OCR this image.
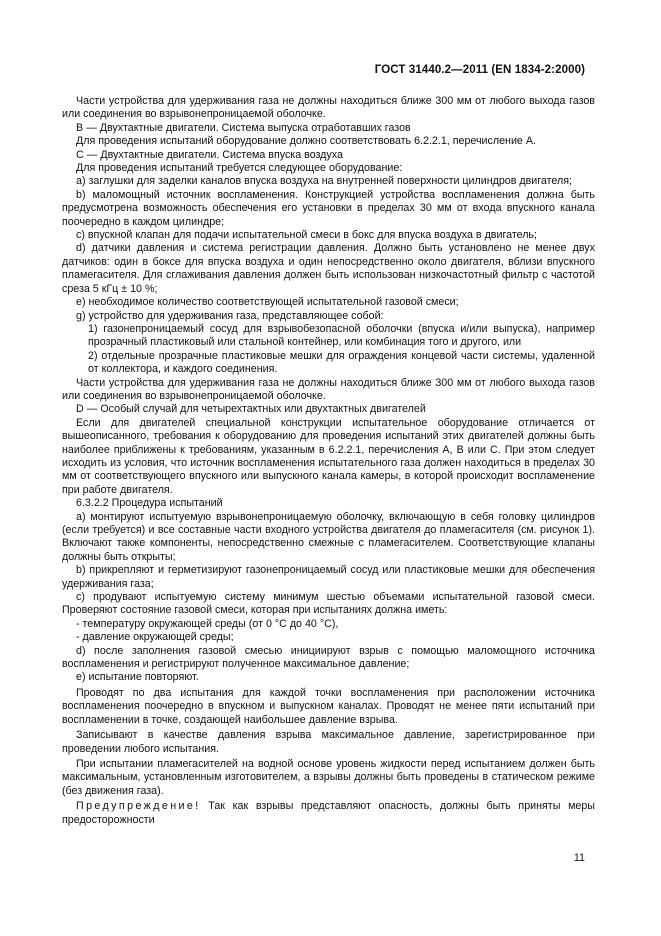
ГОСТ 31440.2—2011 (EN 1834-2:2000)

Части устройства для удерживания газа не должны находиться ближе 300 мм от любого выхода газов или соединения во взрывонепроницаемой оболочке.

B — Двухтактные двигатели. Система выпуска отработавших газов

Для проведения испытаний оборудование должно соответствовать 6.2.2.1, перечисление А.

C — Двухтактные двигатели. Система впуска воздуха

Для проведения испытаний требуется следующее оборудование:

а) заглушки для заделки каналов впуска воздуха на внутренней поверхности цилиндров двигателя;

b) маломощный источник воспламенения. Конструкцией устройства воспламенения должна быть предусмотрена возможность обеспечения его установки в пределах 30 мм от входа впускного канала поочередно в каждом цилиндре;

c) впускной клапан для подачи испытательной смеси в бокс для впуска воздуха в двигатель;

d) датчики давления и система регистрации давления. Должно быть установлено не менее двух датчиков: один в боксе для впуска воздуха и один непосредственно около двигателя, вблизи впускного пламегасителя. Для сглаживания давления должен быть использован низкочастотный фильтр с частотой среза 5 кГц ± 10 %;

e) необходимое количество соответствующей испытательной газовой смеси;

g) устройство для удерживания газа, представляющее собой:

1) газонепроницаемый сосуд для взрывобезопасной оболочки (впуска и/или выпуска), например прозрачный пластиковый или стальной контейнер, или комбинация того и другого, или

2) отдельные прозрачные пластиковые мешки для ограждения концевой части системы, удаленной от коллектора, и каждого соединения.

Части устройства для удерживания газа не должны находиться ближе 300 мм от любого выхода газов или соединения во взрывонепроницаемой оболочке.

D — Особый случай для четырехтактных или двухтактных двигателей

Если для двигателей специальной конструкции испытательное оборудование отличается от вышеописанного, требования к оборудованию для проведения испытаний этих двигателей должны быть наиболее приближены к требованиям, указанным в 6.2.2.1, перечисления А, В или С. При этом следует исходить из условия, что источник воспламенения испытательного газа должен находиться в пределах 30 мм от соответствующего впускного или выпускного канала камеры, в которой происходит воспламенение при работе двигателя.

6.3.2.2 Процедура испытаний

а) монтируют испытуемую взрывонепроницаемую оболочку, включающую в себя головку цилиндров (если требуется) и все составные части входного устройства двигателя до пламегасителя (см. рисунок 1). Включают также компоненты, непосредственно смежные с пламегасителем. Соответствующие клапаны должны быть открыты;

b) прикрепляют и герметизируют газонепроницаемый сосуд или пластиковые мешки для обеспечения удерживания газа;

c) продувают испытуемую систему минимум шестью объемами испытательной газовой смеси. Проверяют состояние газовой смеси, которая при испытаниях должна иметь:

- температуру окружающей среды (от 0 °С до 40 °С),

- давление окружающей среды;

d) после заполнения газовой смесью инициируют взрыв с помощью маломощного источника воспламенения и регистрируют полученное максимальное давление;

e) испытание повторяют.

Проводят по два испытания для каждой точки воспламенения при расположении источника воспламенения поочередно в впускном и выпускном каналах. Проводят не менее пяти испытаний при воспламенении в точке, создающей наибольшее давление взрыва.

Записывают в качестве давления взрыва максимальное давление, зарегистрированное при проведении любого испытания.

При испытании пламегасителей на водной основе уровень жидкости перед испытанием должен быть максимальным, установленным изготовителем, а взрывы должны быть проведены в статическом режиме (без движения газа).

Предупреждение! Так как взрывы представляют опасность, должны быть приняты меры предосторожности

11
